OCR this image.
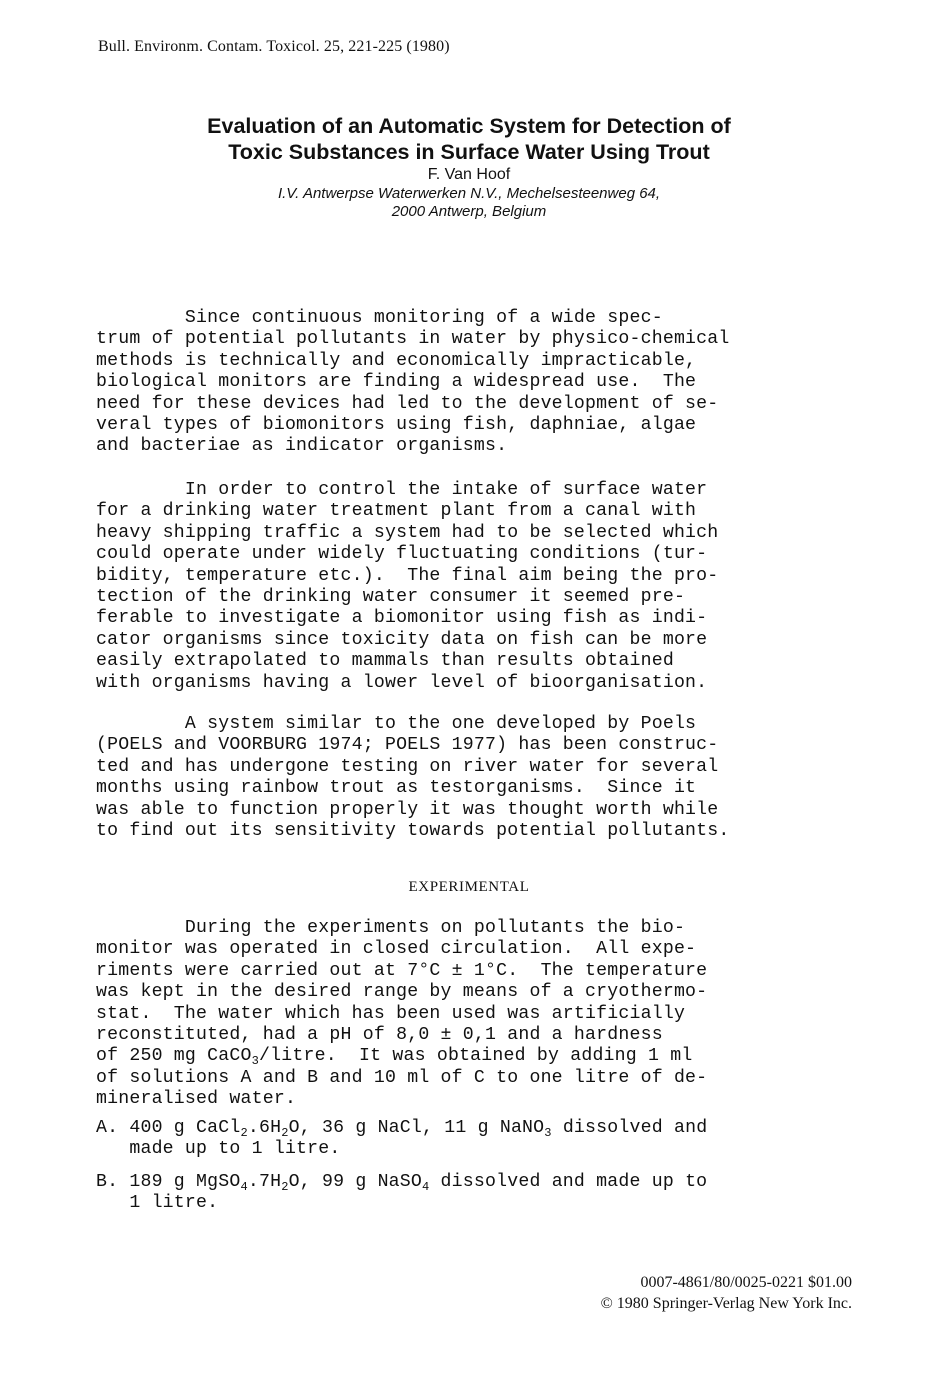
Bull. Environm. Contam. Toxicol. 25, 221-225 (1980)

Evaluation of an Automatic System for Detection of

Toxic Substances in Surface Water Using Trout

F. Van Hoof

I.V. Antwerpse Waterwerken N.V., Mechelsesteenweg 64,

2000 Antwerp, Belgium

Since continuous monitoring of a wide spec-
trum of potential pollutants in water by physico-chemical
methods is technically and economically impracticable,
biological monitors are finding a widespread use.  The
need for these devices had led to the development of se-
veral types of biomonitors using fish, daphniae, algae
and bacteriae as indicator organisms.

In order to control the intake of surface water
for a drinking water treatment plant from a canal with
heavy shipping traffic a system had to be selected which
could operate under widely fluctuating conditions (tur-
bidity, temperature etc.).  The final aim being the pro-
tection of the drinking water consumer it seemed pre-
ferable to investigate a biomonitor using fish as indi-
cator organisms since toxicity data on fish can be more
easily extrapolated to mammals than results obtained
with organisms having a lower level of bioorganisation.

A system similar to the one developed by Poels
(POELS and VOORBURG 1974; POELS 1977) has been construc-
ted and has undergone testing on river water for several
months using rainbow trout as testorganisms.  Since it
was able to function properly it was thought worth while
to find out its sensitivity towards potential pollutants.

EXPERIMENTAL

During the experiments on pollutants the bio-
monitor was operated in closed circulation.  All expe-
riments were carried out at 7°C ± 1°C.  The temperature
was kept in the desired range by means of a cryothermo-
stat.  The water which has been used was artificially
reconstituted, had a pH of 8,0 ± 0,1 and a hardness
of 250 mg CaCO$_3$/litre.  It was obtained by adding 1 ml
of solutions A and B and 10 ml of C to one litre of de-
mineralised water.

A. 400 g $CaCl_2.6H_2O$, 36 g NaCl, 11 g NaNO$_3$ dissolved and
made up to 1 litre.

B. 189 g $MgSO_4.7H_2O$, 99 g NaSO$_4$ dissolved and made up to
1 litre.

0007-4861/80/0025-0221 $01.00
© 1980 Springer-Verlag New York Inc.
